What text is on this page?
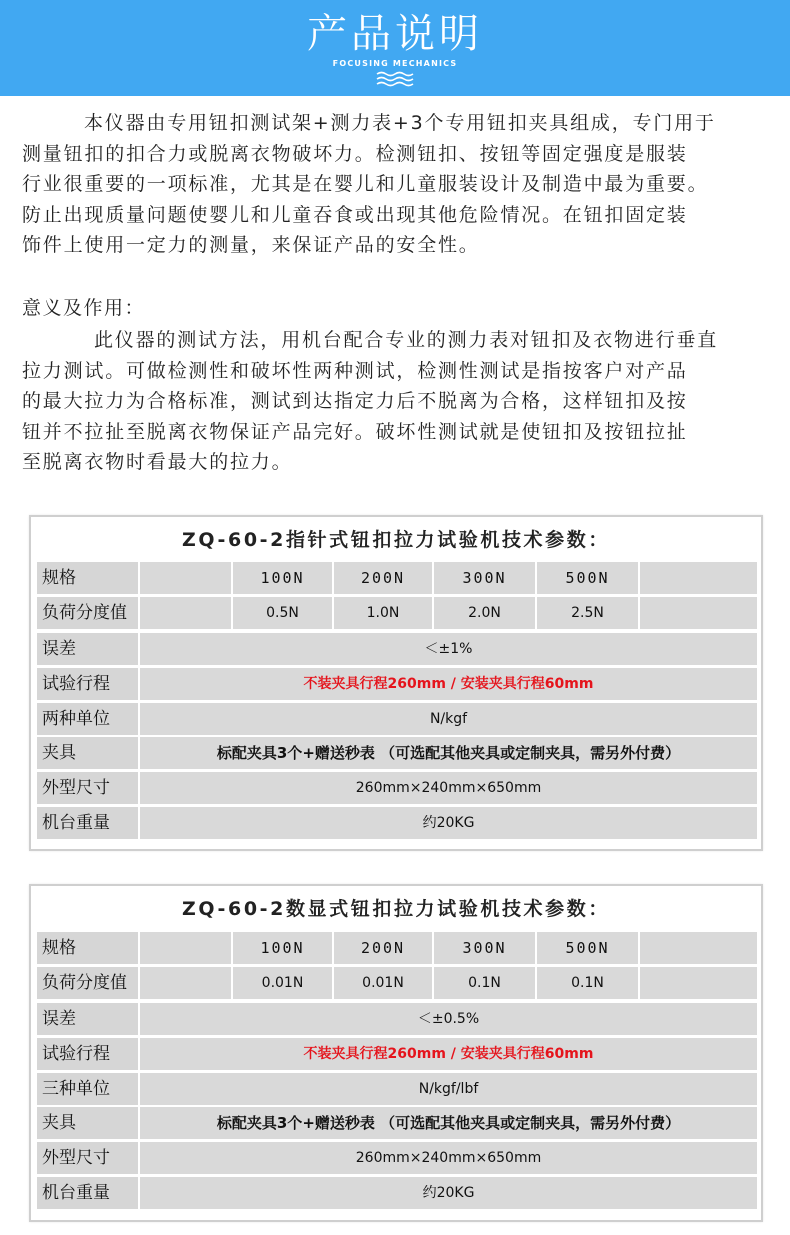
产品说明
FOCUSING MECHANICS

本仪器由专用钮扣测试架+测力表+3个专用钮扣夹具组成，专门用于

测量钮扣的扣合力或脱离衣物破坏力。检测钮扣、按钮等固定强度是服装

行业很重要的一项标准，尤其是在婴儿和儿童服装设计及制造中最为重要。

防止出现质量问题使婴儿和儿童吞食或出现其他危险情况。在钮扣固定装

饰件上使用一定力的测量，来保证产品的安全性。

意义及作用：

此仪器的测试方法，用机台配合专业的测力表对钮扣及衣物进行垂直

拉力测试。可做检测性和破坏性两种测试，检测性测试是指按客户对产品

的最大拉力为合格标准，测试到达指定力后不脱离为合格，这样钮扣及按

钮并不拉扯至脱离衣物保证产品完好。破坏性测试就是使钮扣及按钮拉扯

至脱离衣物时看最大的拉力。

ZQ-60-2指针式钮扣拉力试验机技术参数：
规格	100N	200N	300N	500N
负荷分度值	0.5N	1.0N	2.0N	2.5N
误差	＜±1%
试验行程	不装夹具行程260mm / 安装夹具行程60mm
两种单位	N/kgf
夹具	标配夹具3个+赠送秒表 （可选配其他夹具或定制夹具，需另外付费）
外型尺寸	260mm×240mm×650mm
机台重量	约20KG
ZQ-60-2数显式钮扣拉力试验机技术参数：
规格	100N	200N	300N	500N
负荷分度值	0.01N	0.01N	0.1N	0.1N
误差	＜±0.5%
试验行程	不装夹具行程260mm / 安装夹具行程60mm
三种单位	N/kgf/lbf
夹具	标配夹具3个+赠送秒表 （可选配其他夹具或定制夹具，需另外付费）
外型尺寸	260mm×240mm×650mm
机台重量	约20KG
